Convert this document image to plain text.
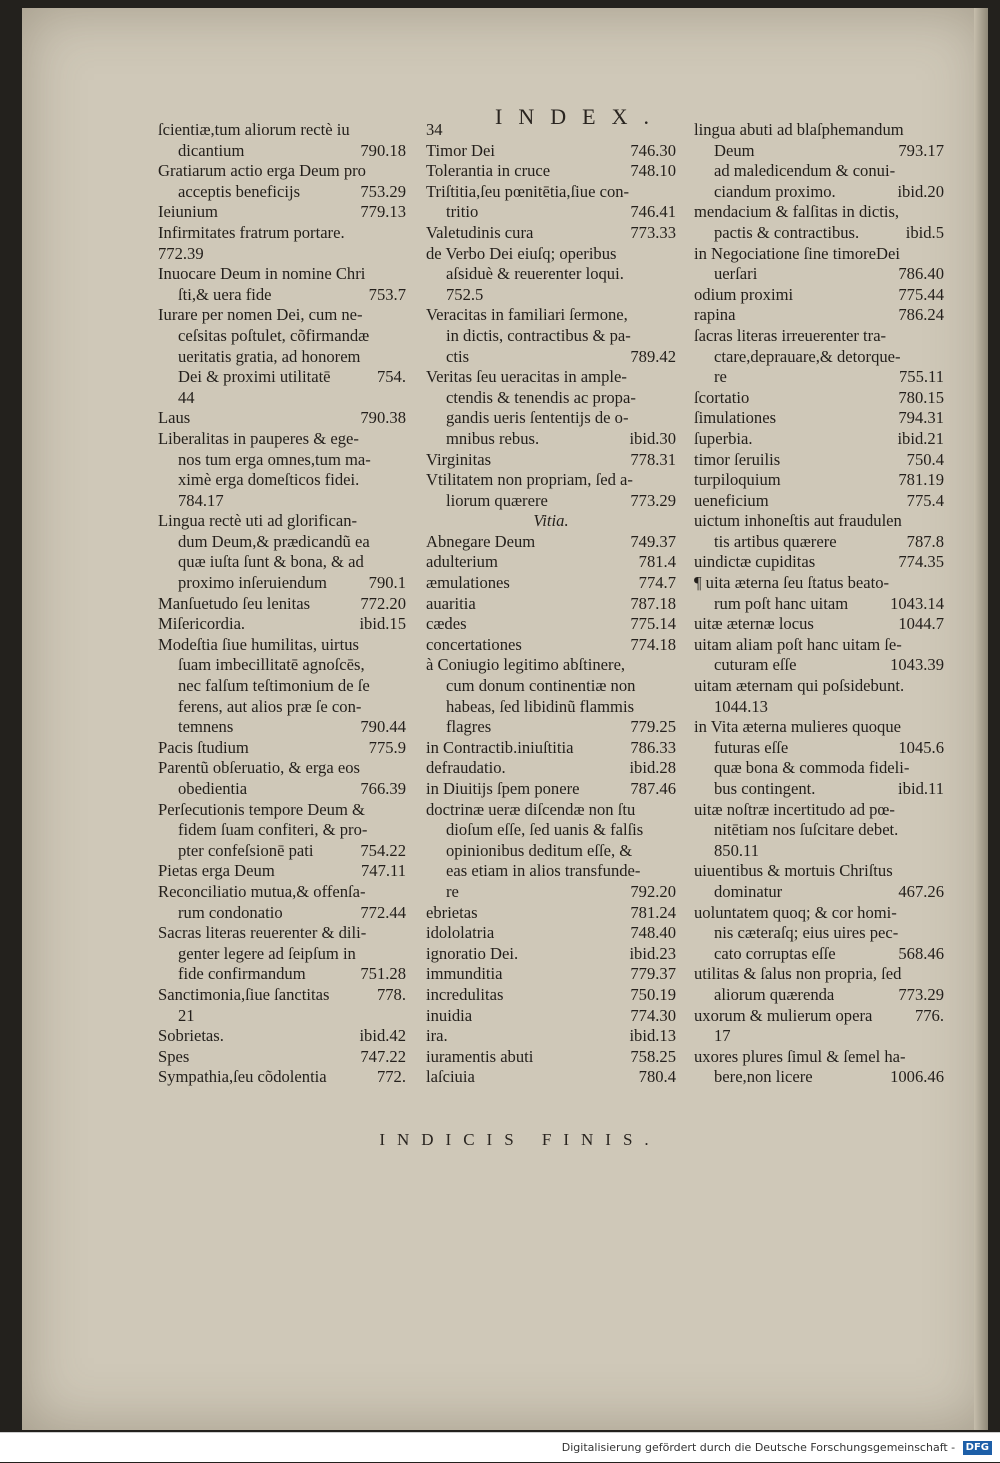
INDEX.
ſcientiæ,tum aliorum rectè iu
dicantium	790.18
Gratiarum actio erga Deum pro
acceptis beneficijs	753.29
Ieiunium	779.13
Infirmitates fratrum portare.
772.39
Inuocare Deum in nomine Chri
ſti,& uera fide	753.7
Iurare per nomen Dei, cum ne-
ceſsitas poſtulet, cõfirmandæ
ueritatis gratia, ad honorem
Dei & proximi utilitatē	754.
44
Laus	790.38
Liberalitas in pauperes & ege-
nos tum erga omnes,tum ma-
ximè erga domeſticos fidei.
784.17
Lingua rectè uti ad glorifican-
dum Deum,& prædicandũ ea
quæ iuſta ſunt & bona, & ad
proximo inſeruiendum	790.1
Manſuetudo ſeu lenitas	772.20
Miſericordia.	ibid.15
Modeſtia ſiue humilitas, uirtus
ſuam imbecillitatē agnoſcēs,
nec falſum teſtimonium de ſe
ferens, aut alios præ ſe con-
temnens	790.44
Pacis ſtudium	775.9
Parentũ obſeruatio, & erga eos
obedientia	766.39
Perſecutionis tempore Deum &
fidem ſuam confiteri, & pro-
pter confeſsionē pati	754.22
Pietas erga Deum	747.11
Reconciliatio mutua,& offenſa-
rum condonatio	772.44
Sacras literas reuerenter & dili-
genter legere ad ſeipſum in
fide confirmandum	751.28
Sanctimonia,ſiue ſanctitas	778.
21
Sobrietas.	ibid.42
Spes	747.22
Sympathia,ſeu cõdolentia	772.
34
Timor Dei	746.30
Tolerantia in cruce	748.10
Triſtitia,ſeu pœnitētia,ſiue con-
tritio	746.41
Valetudinis cura	773.33
de Verbo Dei eiuſq; operibus
aſsiduè & reuerenter loqui.
752.5
Veracitas in familiari ſermone,
in dictis, contractibus & pa-
ctis	789.42
Veritas ſeu ueracitas in ample-
ctendis & tenendis ac propa-
gandis ueris ſententijs de o-
mnibus rebus.	ibid.30
Virginitas	778.31
Vtilitatem non propriam, ſed a-
liorum quærere	773.29
Vitia.
Abnegare Deum	749.37
adulterium	781.4
æmulationes	774.7
auaritia	787.18
cædes	775.14
concertationes	774.18
à Coniugio legitimo abſtinere,
cum donum continentiæ non
habeas, ſed libidinũ flammis
flagres	779.25
in Contractib.iniuſtitia	786.33
defraudatio.	ibid.28
in Diuitijs ſpem ponere	787.46
doctrinæ ueræ diſcendæ non ſtu
dioſum eſſe, ſed uanis & falſis
opinionibus deditum eſſe, &
eas etiam in alios transfunde-
re	792.20
ebrietas	781.24
idololatria	748.40
ignoratio Dei.	ibid.23
immunditia	779.37
incredulitas	750.19
inuidia	774.30
ira.	ibid.13
iuramentis abuti	758.25
laſciuia	780.4
lingua abuti ad blaſphemandum
Deum	793.17
ad maledicendum & conui-
ciandum proximo.	ibid.20
mendacium & falſitas in dictis,
pactis & contractibus.	ibid.5
in Negociatione ſine timoreDei
uerſari	786.40
odium proximi	775.44
rapina	786.24
ſacras literas irreuerenter tra-
ctare,deprauare,& detorque-
re	755.11
ſcortatio	780.15
ſimulationes	794.31
ſuperbia.	ibid.21
timor ſeruilis	750.4
turpiloquium	781.19
ueneficium	775.4
uictum inhoneſtis aut fraudulen
tis artibus quærere	787.8
uindictæ cupiditas	774.35
¶ uita æterna ſeu ſtatus beato-
rum poſt hanc uitam	1043.14
uitæ æternæ locus	1044.7
uitam aliam poſt hanc uitam ſe-
cuturam eſſe	1043.39
uitam æternam qui poſsidebunt.
1044.13
in Vita æterna mulieres quoque
futuras eſſe	1045.6
quæ bona & commoda fideli-
bus contingent.	ibid.11
uitæ noſtræ incertitudo ad pœ-
nitētiam nos ſuſcitare debet.
850.11
uiuentibus & mortuis Chriſtus
dominatur	467.26
uoluntatem quoq; & cor homi-
nis cæteraſq; eius uires pec-
cato corruptas eſſe	568.46
utilitas & ſalus non propria, ſed
aliorum quærenda	773.29
uxorum & mulierum opera	776.
17
uxores plures ſimul & ſemel ha-
bere,non licere	1006.46
INDICIS FINIS.
Digitalisierung gefördert durch die Deutsche Forschungsgemeinschaft - DFG
